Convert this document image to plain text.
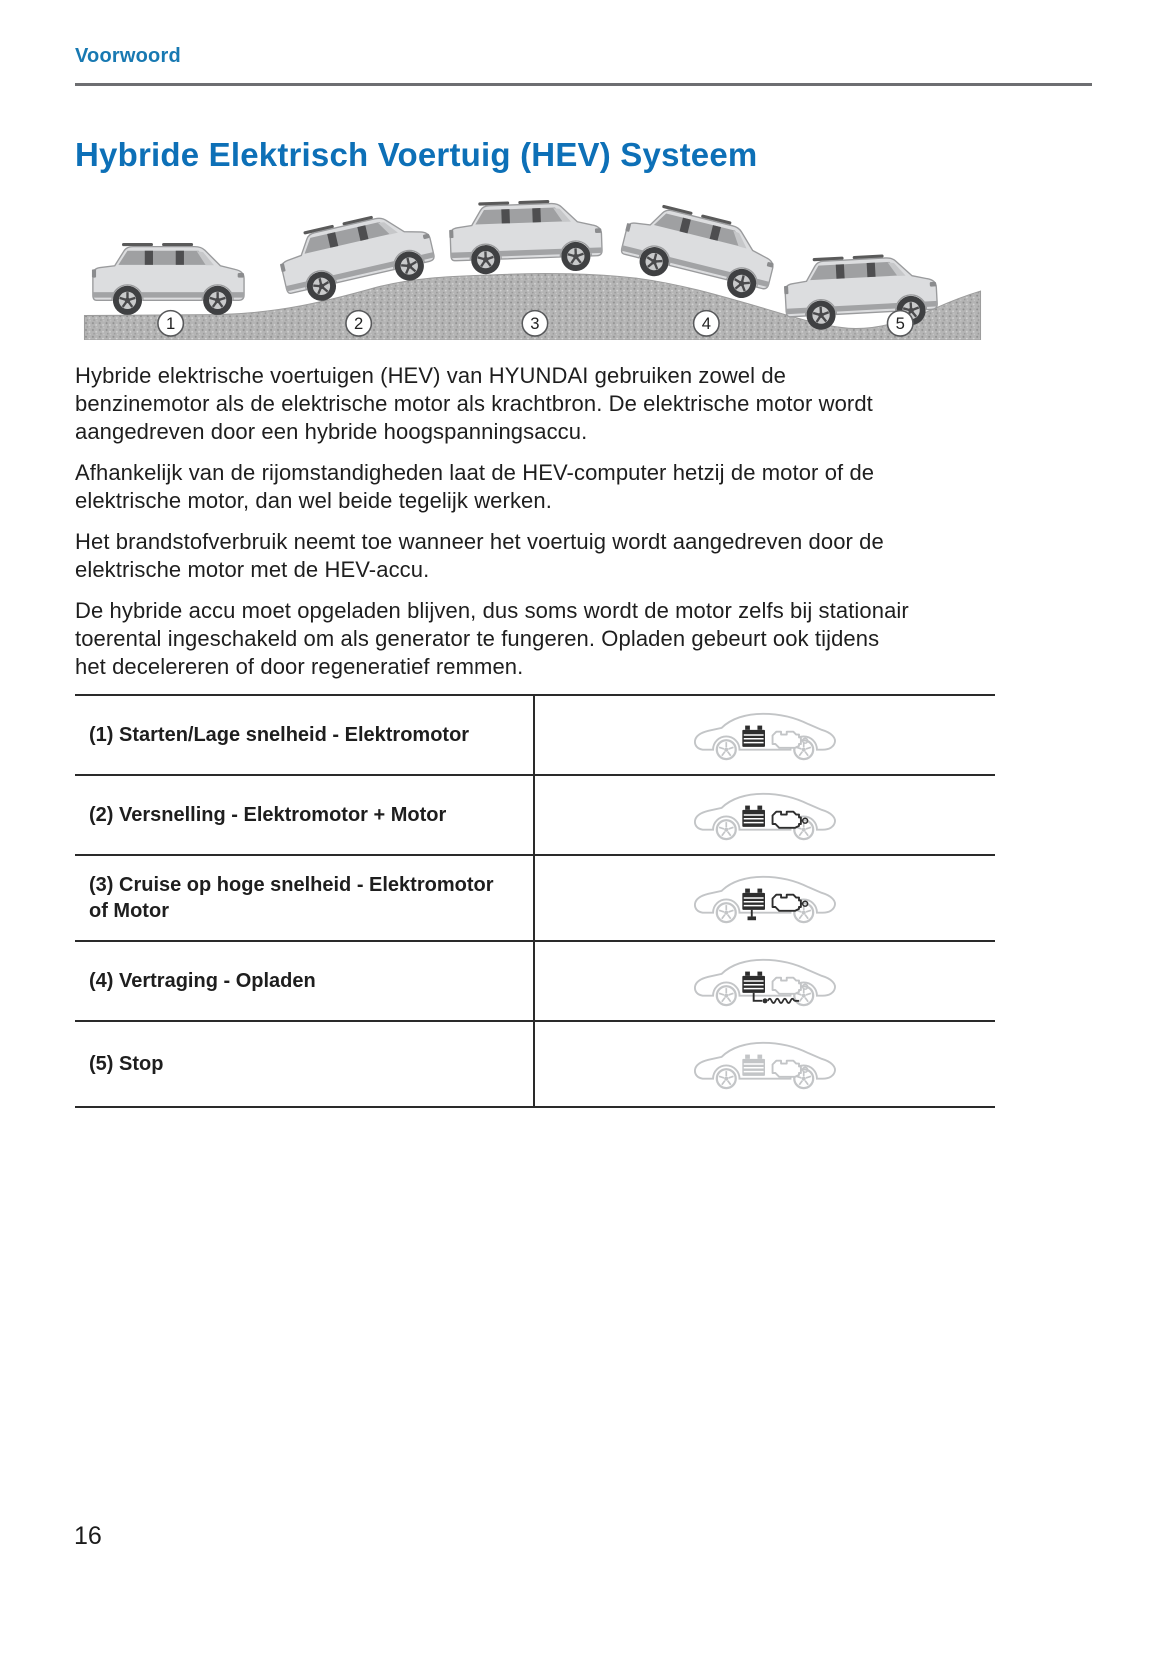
Voorwoord
Hybride Elektrisch Voertuig (HEV) Systeem
1	2	3	4	5

Hybride elektrische voertuigen (HEV) van HYUNDAI gebruiken zowel de benzinemotor als de elektrische motor als krachtbron. De elektrische motor wordt aangedreven door een hybride hoogspanningsaccu.

Afhankelijk van de rijomstandigheden laat de HEV-computer hetzij de motor of de elektrische motor, dan wel beide tegelijk werken.

Het brandstofverbruik neemt toe wanneer het voertuig wordt aangedreven door de elektrische motor met de HEV-accu.

De hybride accu moet opgeladen blijven, dus soms wordt de motor zelfs bij stationair toerental ingeschakeld om als generator te fungeren. Opladen gebeurt ook tijdens het decelereren of door regeneratief remmen.

(1) Starten/Lage snelheid - Elektromotor
(2) Versnelling - Elektromotor + Motor
(3) Cruise op hoge snelheid - Elektromotor of Motor
(4) Vertraging - Opladen
(5) Stop
16
